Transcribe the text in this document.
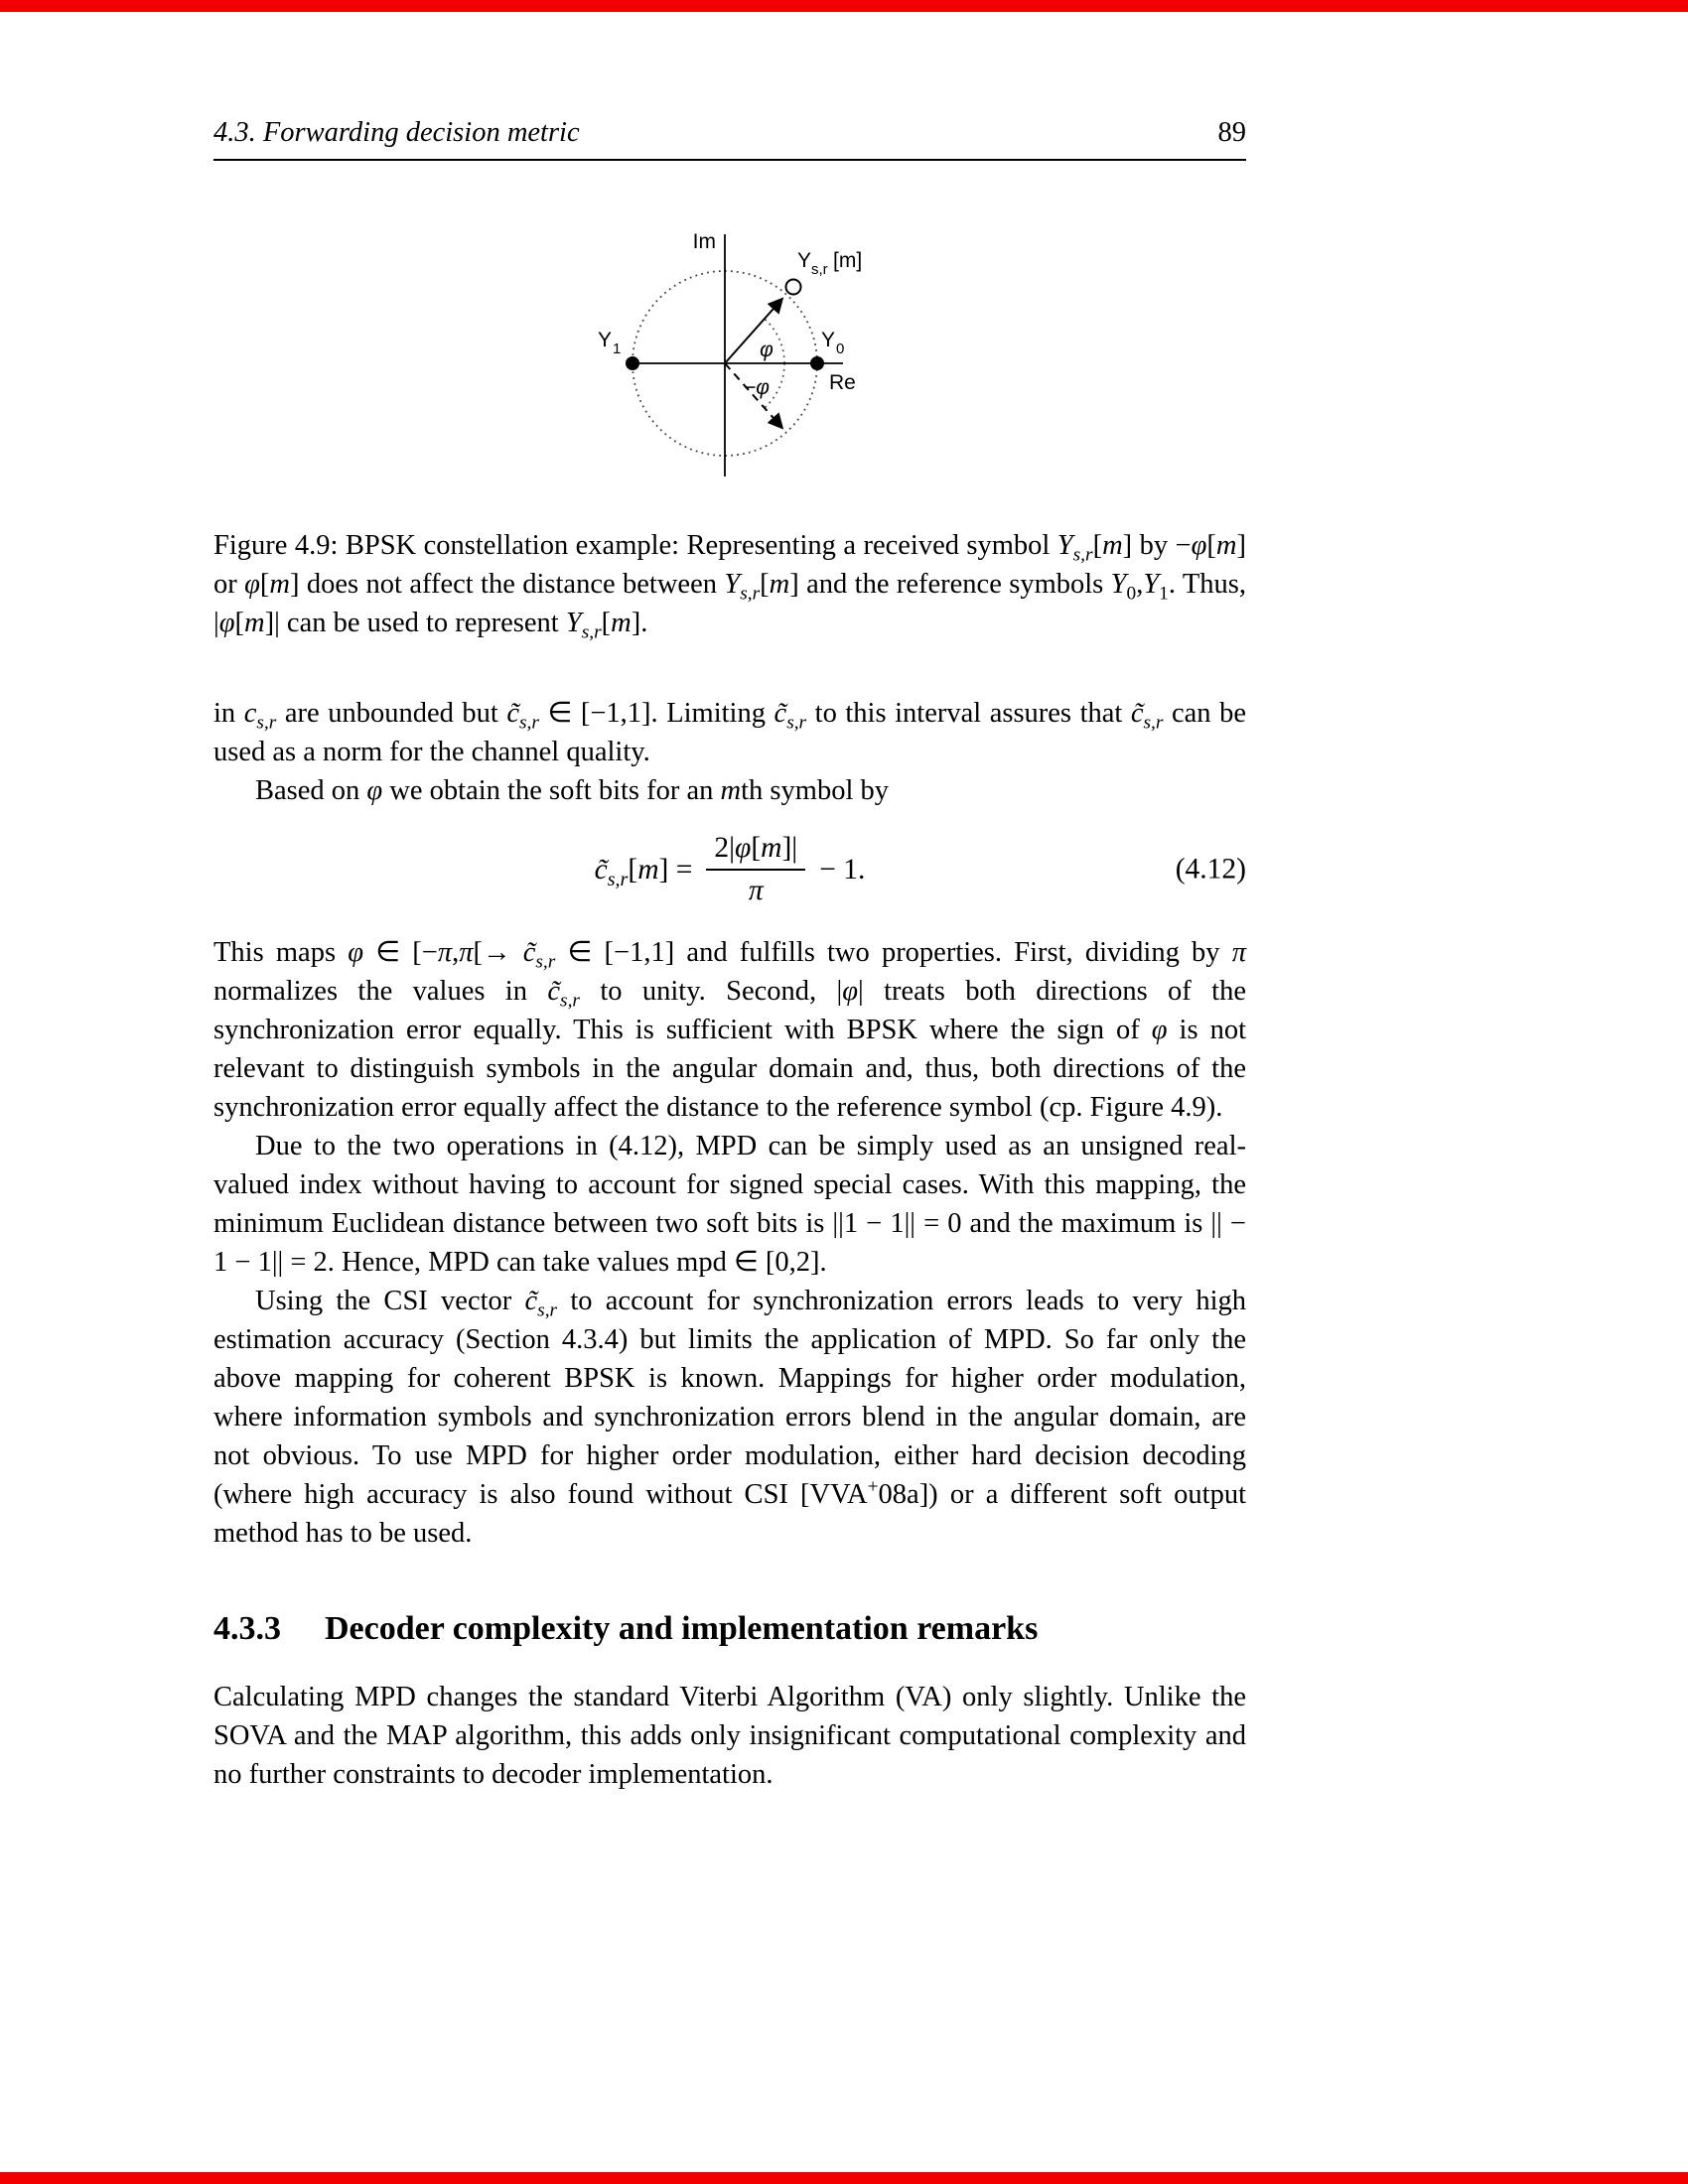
4.3. Forwarding decision metric	89
Im
Re
Y 1	Y 0
Y s,r [m]
φ
−φ

Figure 4.9: BPSK constellation example: Representing a received symbol $Y_{s,r}[m]$ by −φ[m] or φ[m] does not affect the distance between $Y_{s,r}[m]$ and the reference symbols $Y_0,Y_1$. Thus, |φ[m]| can be used to represent $Y_{s,r}[m]$.

in $c_{s,r}$ are unbounded but $c̃_{s,r}$ ∈ [−1,1]. Limiting $c̃_{s,r}$ to this interval assures that $c̃_{s,r}$ can be used as a norm for the channel quality.

Based on φ we obtain the soft bits for an mth symbol by

$c̃_{s,r}[m] = \frac{2|\varphi[m]|}{\pi} - 1$.	(4.12)

This maps φ ∈ [$-\pi,\pi[\to c̃_{s,r}$ ∈ [−1,1] and fulfills two properties. First, dividing by π normalizes the values in $c̃_{s,r}$ to unity. Second, |φ| treats both directions of the synchronization error equally. This is sufficient with BPSK where the sign of φ is not relevant to distinguish symbols in the angular domain and, thus, both directions of the synchronization error equally affect the distance to the reference symbol (cp. Figure 4.9).

Due to the two operations in (4.12), MPD can be simply used as an unsigned real-valued index without having to account for signed special cases. With this mapping, the minimum Euclidean distance between two soft bits is ||1 − 1|| = 0 and the maximum is || − 1 − 1|| = 2. Hence, MPD can take values mpd ∈ [0,2].

Using the CSI vector $c̃_{s,r}$ to account for synchronization errors leads to very high estimation accuracy (Section 4.3.4) but limits the application of MPD. So far only the above mapping for coherent BPSK is known. Mappings for higher order modulation, where information symbols and synchronization errors blend in the angular domain, are not obvious. To use MPD for higher order modulation, either hard decision decoding (where high accuracy is also found without CSI [VVA+08a]) or a different soft output method has to be used.

4.3.3 Decoder complexity and implementation remarks

Calculating MPD changes the standard Viterbi Algorithm (VA) only slightly. Unlike the SOVA and the MAP algorithm, this adds only insignificant computational complexity and no further constraints to decoder implementation.
